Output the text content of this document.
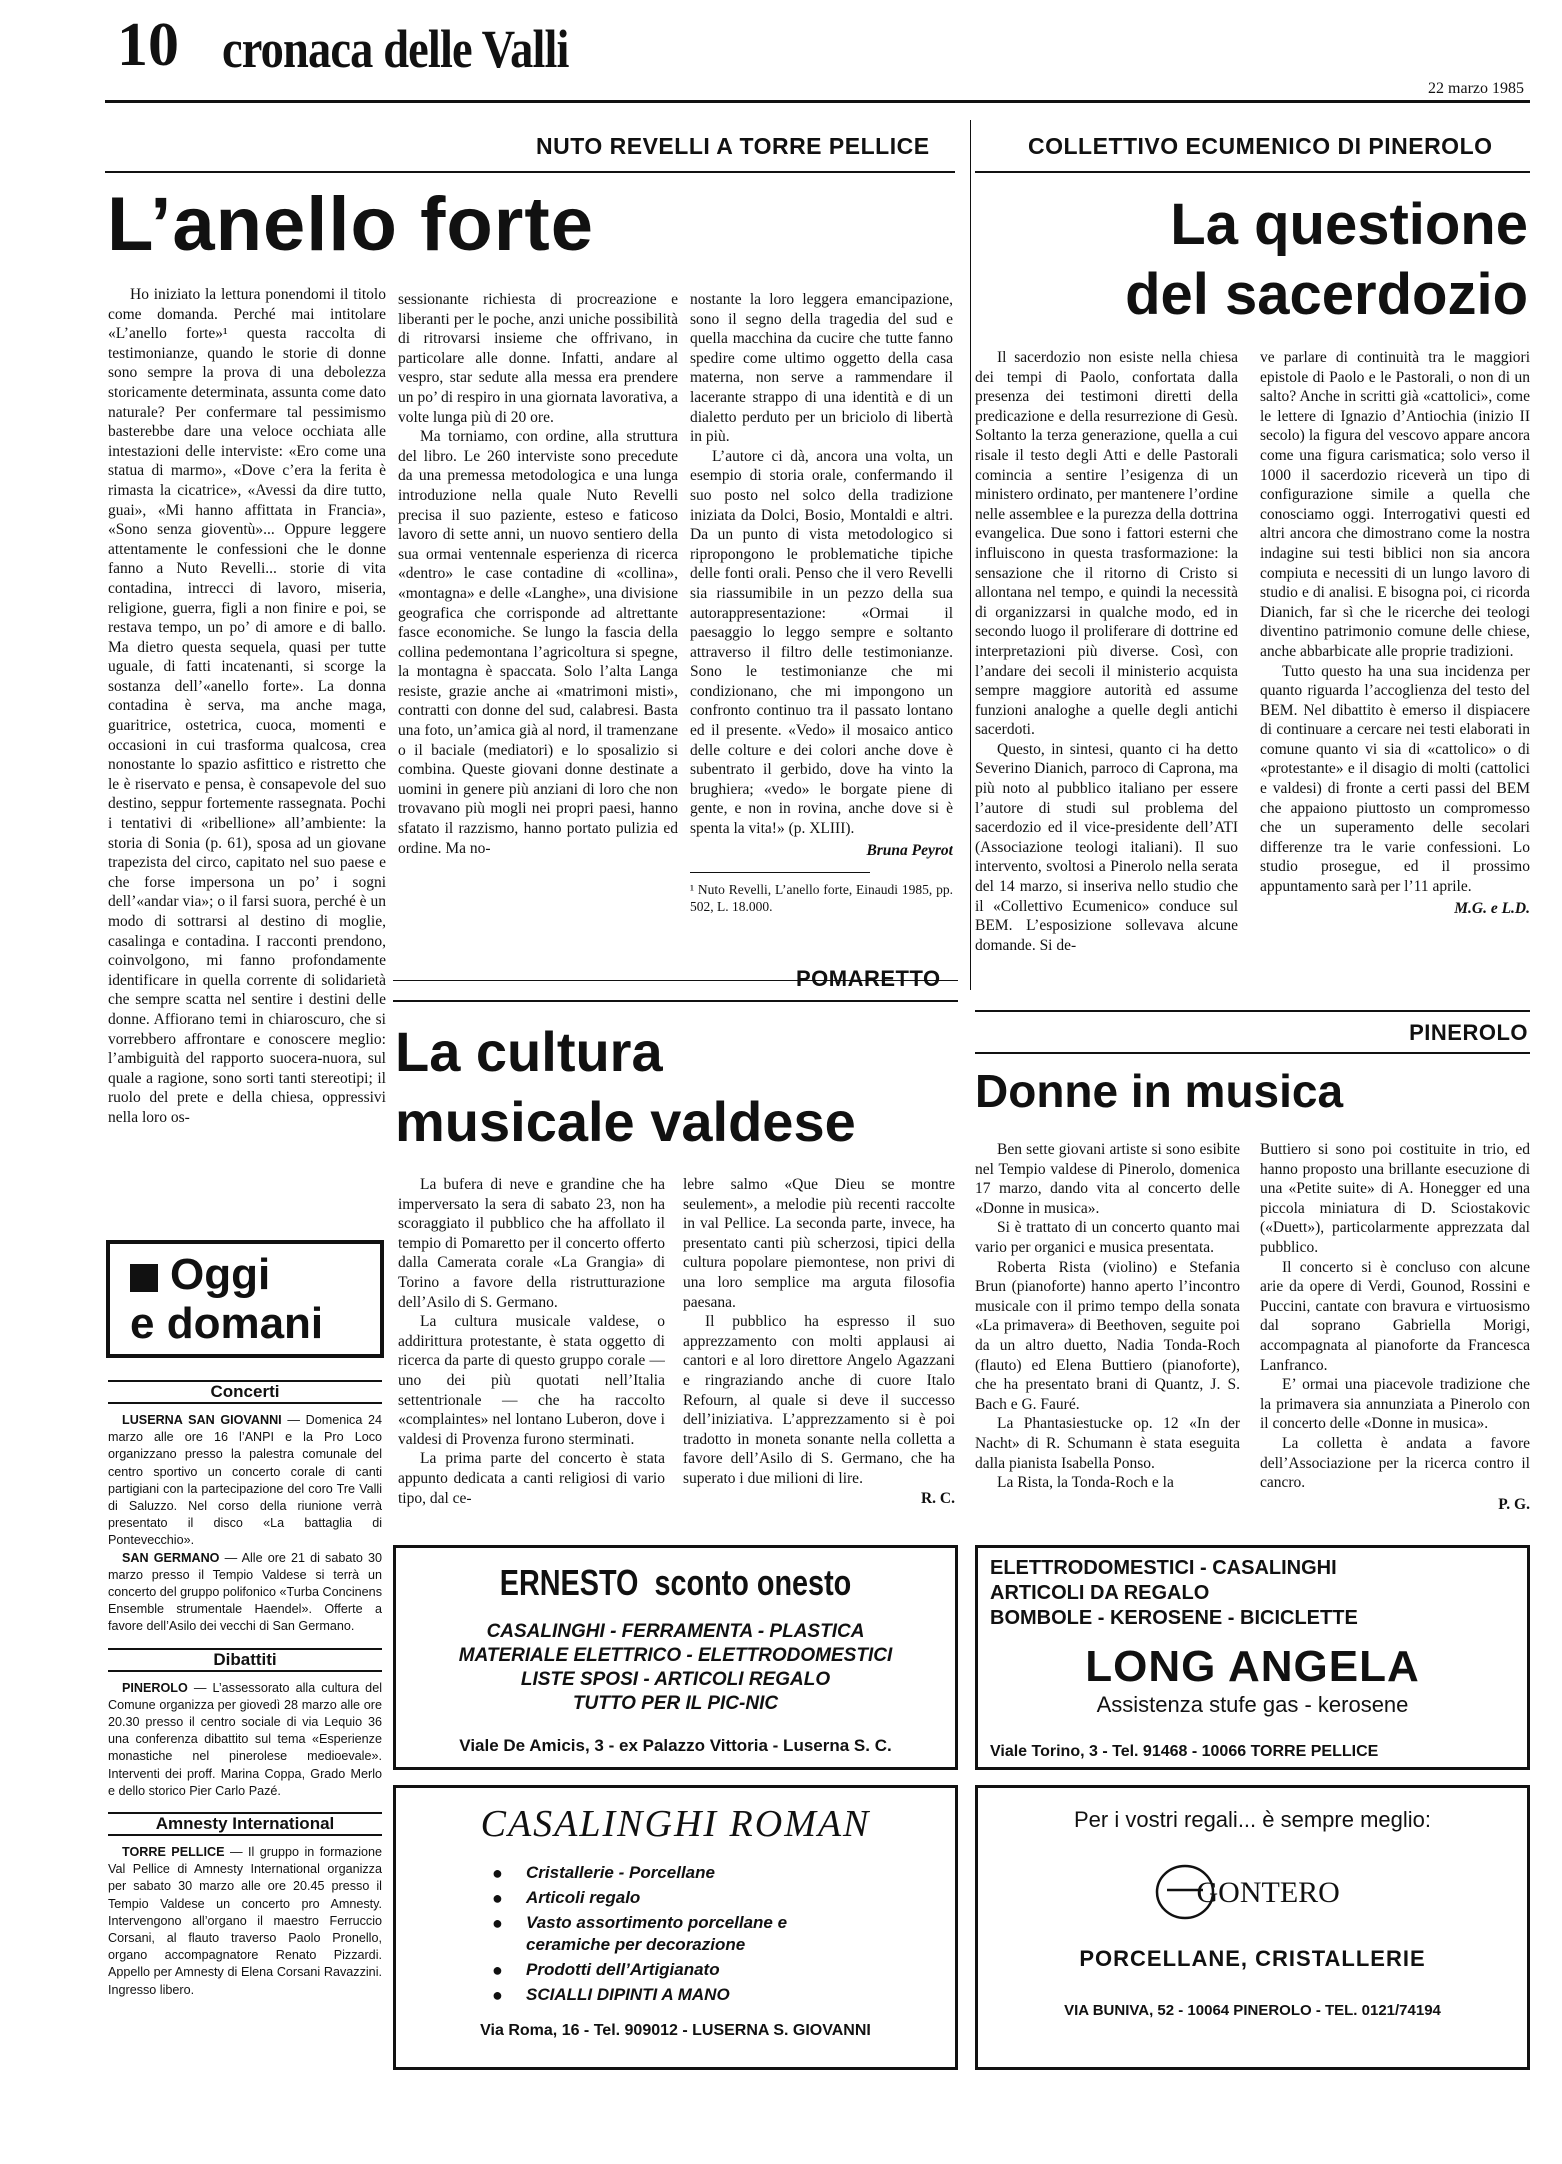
10 cronaca delle Valli
22 marzo 1985
NUTO REVELLI A TORRE PELLICE
L’anello forte

Ho iniziato la lettura ponendomi il titolo come domanda. Perché mai intitolare «L’anello forte»¹ questa raccolta di testimonianze, quando le storie di donne sono sempre la prova di una debolezza storicamente determinata, assunta come dato naturale? Per confermare tal pessimismo basterebbe dare una veloce occhiata alle intestazioni delle interviste: «Ero come una statua di marmo», «Dove c’era la ferita è rimasta la cicatrice», «Avessi da dire tutto, guai», «Mi hanno affittata in Francia», «Sono senza gioventù»... Oppure leggere attentamente le confessioni che le donne fanno a Nuto Revelli... storie di vita contadina, intrecci di lavoro, miseria, religione, guerra, figli a non finire e poi, se restava tempo, un po’ di amore e di ballo. Ma dietro questa sequela, quasi per tutte uguale, di fatti incatenanti, si scorge la sostanza dell’«anello forte». La donna contadina è serva, ma anche maga, guaritrice, ostetrica, cuoca, momenti e occasioni in cui trasforma qualcosa, crea nonostante lo spazio asfittico e ristretto che le è riservato e pensa, è consapevole del suo destino, seppur fortemente rassegnata. Pochi i tentativi di «ribellione» all’ambiente: la storia di Sonia (p. 61), sposa ad un giovane trapezista del circo, capitato nel suo paese e che forse impersona un po’ i sogni dell’«andar via»; o il farsi suora, perché è un modo di sottrarsi al destino di moglie, casalinga e contadina. I racconti prendono, coinvolgono, mi fanno profondamente identificare in quella corrente di solidarietà che sempre scatta nel sentire i destini delle donne. Affiorano temi in chiaroscuro, che si vorrebbero affrontare e conoscere meglio: l’ambiguità del rapporto suocera-nuora, sul quale a ragione, sono sorti tanti stereotipi; il ruolo del prete e della chiesa, oppressivi nella loro os-

sessionante richiesta di procreazione e liberanti per le poche, anzi uniche possibilità di ritrovarsi insieme che offrivano, in particolare alle donne. Infatti, andare al vespro, star sedute alla messa era prendere un po’ di respiro in una giornata lavorativa, a volte lunga più di 20 ore.

Ma torniamo, con ordine, alla struttura del libro. Le 260 interviste sono precedute da una premessa metodologica e una lunga introduzione nella quale Nuto Revelli precisa il suo paziente, esteso e faticoso lavoro di sette anni, un nuovo sentiero della sua ormai ventennale esperienza di ricerca «dentro» le case contadine di «collina», «montagna» e delle «Langhe», una divisione geografica che corrisponde ad altrettante fasce economiche. Se lungo la fascia della collina pedemontana l’agricoltura si spegne, la montagna è spaccata. Solo l’alta Langa resiste, grazie anche ai «matrimoni misti», contratti con donne del sud, calabresi. Basta una foto, un’amica già al nord, il tramenzane o il baciale (mediatori) e lo sposalizio si combina. Queste giovani donne destinate a uomini in genere più anziani di loro che non trovavano più mogli nei propri paesi, hanno sfatato il razzismo, hanno portato pulizia ed ordine. Ma no-

nostante la loro leggera emancipazione, sono il segno della tragedia del sud e quella macchina da cucire che tutte fanno spedire come ultimo oggetto della casa materna, non serve a rammendare il lacerante strappo di una identità e di un dialetto perduto per un briciolo di libertà in più.

L’autore ci dà, ancora una volta, un esempio di storia orale, confermando il suo posto nel solco della tradizione iniziata da Dolci, Bosio, Montaldi e altri. Da un punto di vista metodologico si ripropongono le problematiche tipiche delle fonti orali. Penso che il vero Revelli sia riassumibile in un pezzo della sua autorappresentazione: «Ormai il paesaggio lo leggo sempre e soltanto attraverso il filtro delle testimonianze. Sono le testimonianze che mi condizionano, che mi impongono un confronto continuo tra il passato lontano ed il presente. «Vedo» il mosaico antico delle colture e dei colori anche dove è subentrato il gerbido, dove ha vinto la brughiera; «vedo» le borgate piene di gente, e non in rovina, anche dove si è spenta la vita!» (p. XLIII).

Bruna Peyrot
¹ Nuto Revelli, L’anello forte, Einaudi 1985, pp. 502, L. 18.000.
COLLETTIVO ECUMENICO DI PINEROLO
La questione
del sacerdozio

Il sacerdozio non esiste nella chiesa dei tempi di Paolo, confortata dalla presenza dei testimoni diretti della predicazione e della resurrezione di Gesù. Soltanto la terza generazione, quella a cui risale il testo degli Atti e delle Pastorali comincia a sentire l’esigenza di un ministero ordinato, per mantenere l’ordine nelle assemblee e la purezza della dottrina evangelica. Due sono i fattori esterni che influiscono in questa trasformazione: la sensazione che il ritorno di Cristo si allontana nel tempo, e quindi la necessità di organizzarsi in qualche modo, ed in secondo luogo il proliferare di dottrine ed interpretazioni più diverse. Così, con l’andare dei secoli il ministerio acquista sempre maggiore autorità ed assume funzioni analoghe a quelle degli antichi sacerdoti.

Questo, in sintesi, quanto ci ha detto Severino Dianich, parroco di Caprona, ma più noto al pubblico italiano per essere l’autore di studi sul problema del sacerdozio ed il vice-presidente dell’ATI (Associazione teologi italiani). Il suo intervento, svoltosi a Pinerolo nella serata del 14 marzo, si inseriva nello studio che il «Collettivo Ecumenico» conduce sul BEM. L’esposizione sollevava alcune domande. Si de-

ve parlare di continuità tra le maggiori epistole di Paolo e le Pastorali, o non di un salto? Anche in scritti già «cattolici», come le lettere di Ignazio d’Antiochia (inizio II secolo) la figura del vescovo appare ancora come una figura carismatica; solo verso il 1000 il sacerdozio riceverà un tipo di configurazione simile a quella che conosciamo oggi. Interrogativi questi ed altri ancora che dimostrano come la nostra indagine sui testi biblici non sia ancora compiuta e necessiti di un lungo lavoro di studio e di analisi. E bisogna poi, ci ricorda Dianich, far sì che le ricerche dei teologi diventino patrimonio comune delle chiese, anche abbarbicate alle proprie tradizioni.

Tutto questo ha una sua incidenza per quanto riguarda l’accoglienza del testo del BEM. Nel dibattito è emerso il dispiacere di continuare a cercare nei testi elaborati in comune quanto vi sia di «cattolico» o di «protestante» e il disagio di molti (cattolici e valdesi) di fronte a certi passi del BEM che appaiono piuttosto un compromesso che un superamento delle secolari differenze tra le varie confessioni. Lo studio prosegue, ed il prossimo appuntamento sarà per l’11 aprile.

M.G. e L.D.
POMARETTO
La cultura
musicale valdese

La bufera di neve e grandine che ha imperversato la sera di sabato 23, non ha scoraggiato il pubblico che ha affollato il tempio di Pomaretto per il concerto offerto dalla Camerata corale «La Grangia» di Torino a favore della ristrutturazione dell’Asilo di S. Germano.

La cultura musicale valdese, o addirittura protestante, è stata oggetto di ricerca da parte di questo gruppo corale — uno dei più quotati nell’Italia settentrionale — che ha raccolto «complaintes» nel lontano Luberon, dove i valdesi di Provenza furono sterminati.

La prima parte del concerto è stata appunto dedicata a canti religiosi di vario tipo, dal ce-

lebre salmo «Que Dieu se montre seulement», a melodie più recenti raccolte in val Pellice. La seconda parte, invece, ha presentato canti più scherzosi, tipici della cultura popolare piemontese, non privi di una loro semplice ma arguta filosofia paesana.

Il pubblico ha espresso il suo apprezzamento con molti applausi ai cantori e al loro direttore Angelo Agazzani e ringraziando anche di cuore Italo Refourn, al quale si deve il successo dell’iniziativa. L’apprezzamento si è poi tradotto in moneta sonante nella colletta a favore dell’Asilo di S. Germano, che ha superato i due milioni di lire.

R. C.
PINEROLO
Donne in musica

Ben sette giovani artiste si sono esibite nel Tempio valdese di Pinerolo, domenica 17 marzo, dando vita al concerto delle «Donne in musica».

Si è trattato di un concerto quanto mai vario per organici e musica presentata.

Roberta Rista (violino) e Stefania Brun (pianoforte) hanno aperto l’incontro musicale con il primo tempo della sonata «La primavera» di Beethoven, seguite poi da un altro duetto, Nadia Tonda-Roch (flauto) ed Elena Buttiero (pianoforte), che ha presentato brani di Quantz, J. S. Bach e G. Fauré.

La Phantasiestucke op. 12 «In der Nacht» di R. Schumann è stata eseguita dalla pianista Isabella Ponso.

La Rista, la Tonda-Roch e la

Buttiero si sono poi costituite in trio, ed hanno proposto una brillante esecuzione di una «Petite suite» di A. Honegger ed una piccola miniatura di D. Sciostakovic («Duett»), particolarmente apprezzata dal pubblico.

Il concerto si è concluso con alcune arie da opere di Verdi, Gounod, Rossini e Puccini, cantate con bravura e virtuosismo dal soprano Gabriella Morigi, accompagnata al pianoforte da Francesca Lanfranco.

E’ ormai una piacevole tradizione che la primavera sia annunziata a Pinerolo con il concerto delle «Donne in musica».

La colletta è andata a favore dell’Associazione per la ricerca contro il cancro.

P. G.
Oggi
e domani
Concerti
LUSERNA SAN GIOVANNI — Domenica 24 marzo alle ore 16 l’ANPI e la Pro Loco organizzano presso la palestra comunale del centro sportivo un concerto corale di canti partigiani con la partecipazione del coro Tre Valli di Saluzzo. Nel corso della riunione verrà presentato il disco «La battaglia di Pontevecchio».
SAN GERMANO — Alle ore 21 di sabato 30 marzo presso il Tempio Valdese si terrà un concerto del gruppo polifonico «Turba Concinens Ensemble strumentale Haendel». Offerte a favore dell’Asilo dei vecchi di San Germano.
Dibattiti
PINEROLO — L’assessorato alla cultura del Comune organizza per giovedì 28 marzo alle ore 20.30 presso il centro sociale di via Lequio 36 una conferenza dibattito sul tema «Esperienze monastiche nel pinerolese medioevale». Interventi dei proff. Marina Coppa, Grado Merlo e dello storico Pier Carlo Pazé.
Amnesty International
TORRE PELLICE — Il gruppo in formazione Val Pellice di Amnesty International organizza per sabato 30 marzo alle ore 20.45 presso il Tempio Valdese un concerto pro Amnesty. Intervengono all’organo il maestro Ferruccio Corsani, al flauto traverso Paolo Pronello, organo accompagnatore Renato Pizzardi. Appello per Amnesty di Elena Corsani Ravazzini. Ingresso libero.
ERNESTO sconto onesto
CASALINGHI - FERRAMENTA - PLASTICA
MATERIALE ELETTRICO - ELETTRODOMESTICI
LISTE SPOSI - ARTICOLI REGALO
TUTTO PER IL PIC-NIC
Viale De Amicis, 3 - ex Palazzo Vittoria - Luserna S. C.
ELETTRODOMESTICI - CASALINGHI
ARTICOLI DA REGALO
BOMBOLE - KEROSENE - BICICLETTE
LONG ANGELA
Assistenza stufe gas - kerosene
Viale Torino, 3 - Tel. 91468 - 10066 TORRE PELLICE
CASALINGHI ROMAN
● Cristallerie - Porcellane
● Articoli regalo
● Vasto assortimento porcellane e ceramiche per decorazione
● Prodotti dell’Artigianato
● SCIALLI DIPINTI A MANO
Via Roma, 16 - Tel. 909012 - LUSERNA S. GIOVANNI
Per i vostri regali... è sempre meglio:
GONTERO
PORCELLANE, CRISTALLERIE
VIA BUNIVA, 52 - 10064 PINEROLO - TEL. 0121/74194
